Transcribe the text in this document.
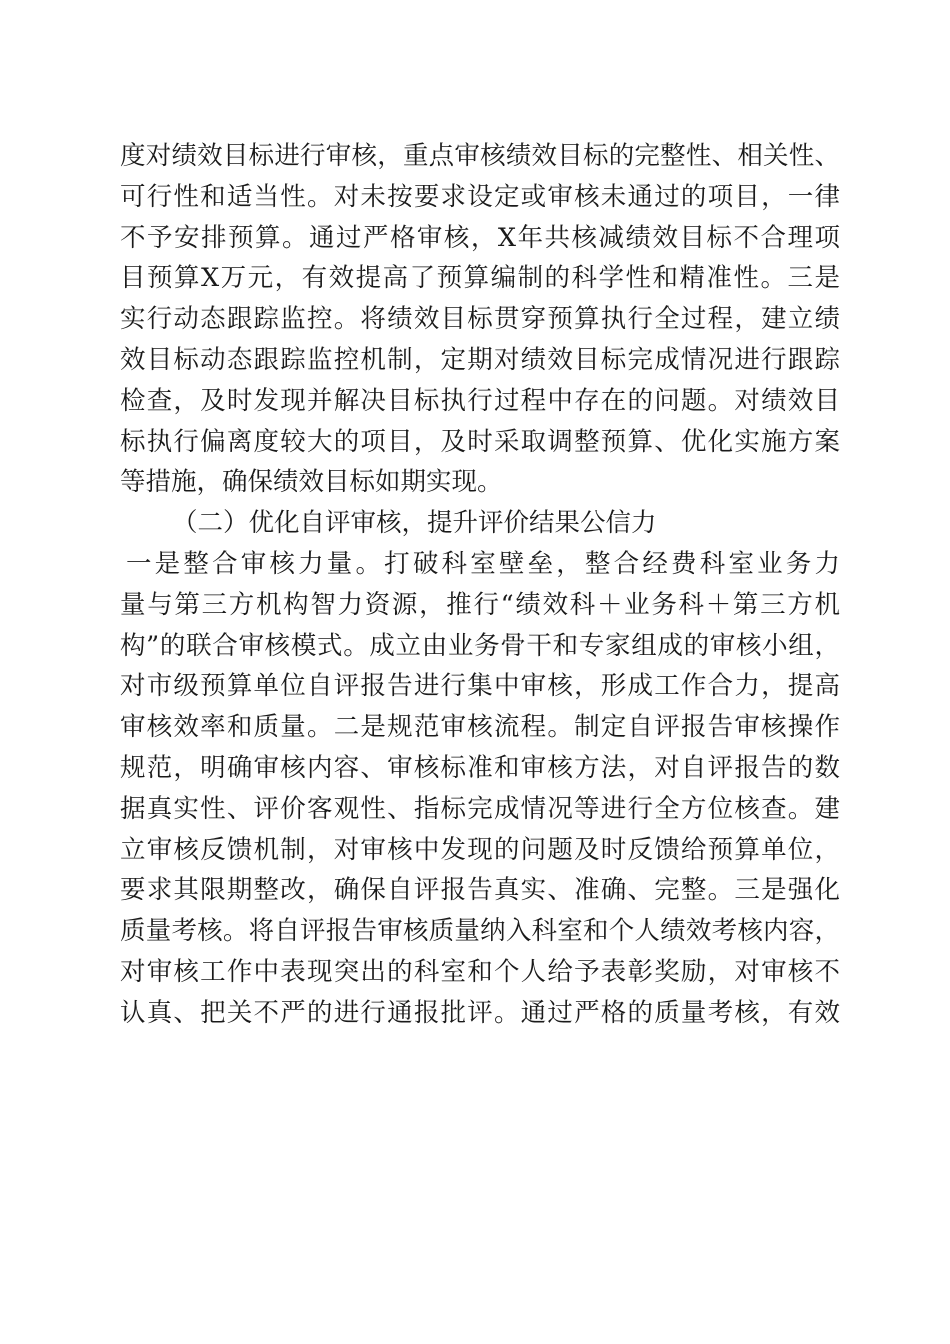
度对绩效目标进行审核，重点审核绩效目标的完整性、相关性、
可行性和适当性。对未按要求设定或审核未通过的项目，一律
不予安排预算。通过严格审核，X年共核减绩效目标不合理项
目预算X万元，有效提高了预算编制的科学性和精准性。三是
实行动态跟踪监控。将绩效目标贯穿预算执行全过程，建立绩
效目标动态跟踪监控机制，定期对绩效目标完成情况进行跟踪
检查，及时发现并解决目标执行过程中存在的问题。对绩效目
标执行偏离度较大的项目，及时采取调整预算、优化实施方案
等措施，确保绩效目标如期实现。
（二）优化自评审核，提升评价结果公信力
一是整合审核力量。打破科室壁垒，整合经费科室业务力
量与第三方机构智力资源，推行“绩效科＋业务科＋第三方机
构”的联合审核模式。成立由业务骨干和专家组成的审核小组，
对市级预算单位自评报告进行集中审核，形成工作合力，提高
审核效率和质量。二是规范审核流程。制定自评报告审核操作
规范，明确审核内容、审核标准和审核方法，对自评报告的数
据真实性、评价客观性、指标完成情况等进行全方位核查。建
立审核反馈机制，对审核中发现的问题及时反馈给预算单位，
要求其限期整改，确保自评报告真实、准确、完整。三是强化
质量考核。将自评报告审核质量纳入科室和个人绩效考核内容，
对审核工作中表现突出的科室和个人给予表彰奖励，对审核不
认真、把关不严的进行通报批评。通过严格的质量考核，有效
